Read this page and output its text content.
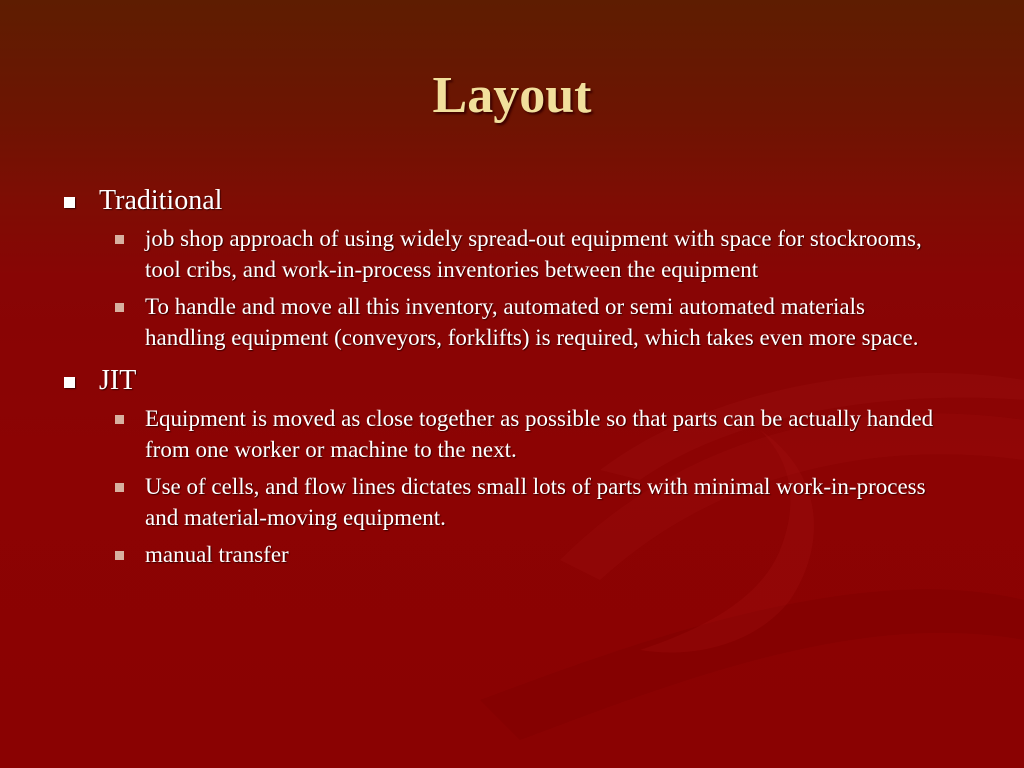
Layout
Traditional
job shop approach of using widely spread-out equipment with space for stockrooms, tool cribs, and work-in-process inventories between the equipment
To handle and move all this inventory, automated or semi automated materials handling equipment (conveyors, forklifts) is required, which takes even more space.
JIT
Equipment is moved as close together as possible so that parts can be actually handed from one worker or machine to the next.
Use of cells, and flow lines dictates small lots of parts with minimal work-in-process and material-moving equipment.
manual transfer
